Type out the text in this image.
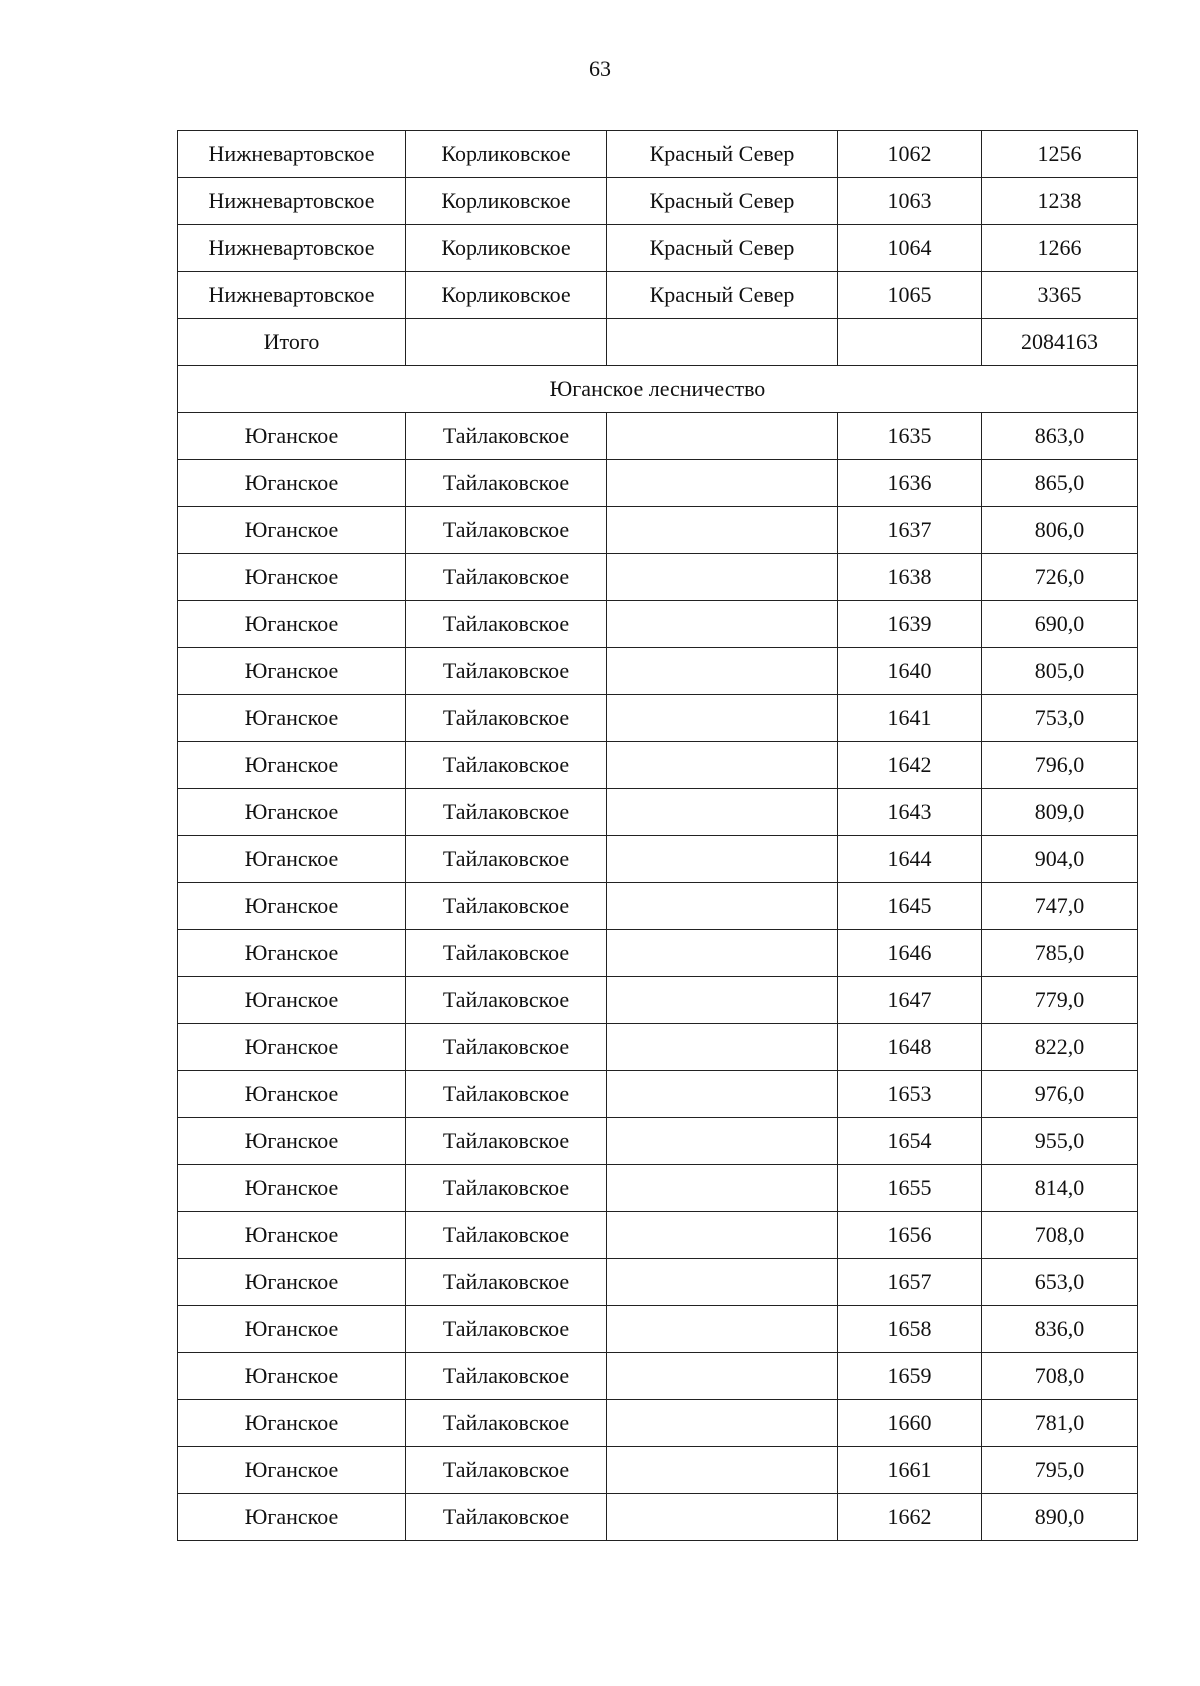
63
Нижневартовское	Корликовское	Красный Север	1062	1256
Нижневартовское	Корликовское	Красный Север	1063	1238
Нижневартовское	Корликовское	Красный Север	1064	1266
Нижневартовское	Корликовское	Красный Север	1065	3365
Итого				2084163
Юганское лесничество				
Юганское	Тайлаковское		1635	863,0
Юганское	Тайлаковское		1636	865,0
Юганское	Тайлаковское		1637	806,0
Юганское	Тайлаковское		1638	726,0
Юганское	Тайлаковское		1639	690,0
Юганское	Тайлаковское		1640	805,0
Юганское	Тайлаковское		1641	753,0
Юганское	Тайлаковское		1642	796,0
Юганское	Тайлаковское		1643	809,0
Юганское	Тайлаковское		1644	904,0
Юганское	Тайлаковское		1645	747,0
Юганское	Тайлаковское		1646	785,0
Юганское	Тайлаковское		1647	779,0
Юганское	Тайлаковское		1648	822,0
Юганское	Тайлаковское		1653	976,0
Юганское	Тайлаковское		1654	955,0
Юганское	Тайлаковское		1655	814,0
Юганское	Тайлаковское		1656	708,0
Юганское	Тайлаковское		1657	653,0
Юганское	Тайлаковское		1658	836,0
Юганское	Тайлаковское		1659	708,0
Юганское	Тайлаковское		1660	781,0
Юганское	Тайлаковское		1661	795,0
Юганское	Тайлаковское		1662	890,0
